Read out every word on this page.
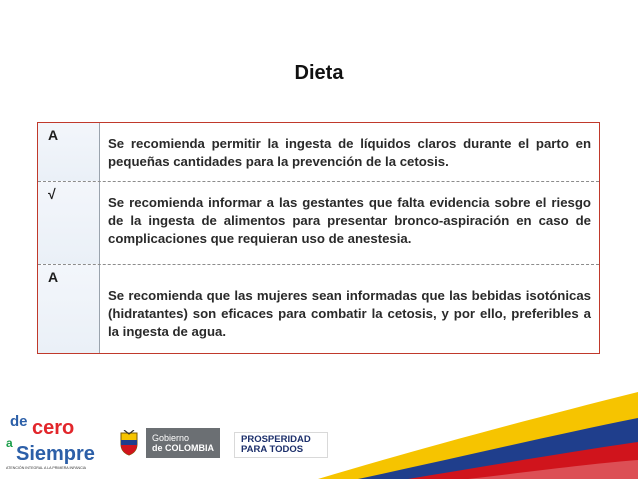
Dieta
A
Se recomienda permitir la ingesta de líquidos claros durante el parto en pequeñas cantidades para la prevención de la cetosis.
√
Se recomienda informar a las gestantes que falta evidencia sobre el riesgo de la ingesta de alimentos para presentar bronco-aspiración en caso de complicaciones que requieran uso de anestesia.
A
Se recomienda que las mujeres sean informadas que las bebidas isotónicas (hidratantes) son eficaces para combatir la cetosis, y por ello, preferibles a la ingesta de agua.
de cero
a Siempre
ATENCIÓN INTEGRAL A LA PRIMERA INFANCIA
Gobierno
de COLOMBIA
PROSPERIDAD
PARA TODOS
